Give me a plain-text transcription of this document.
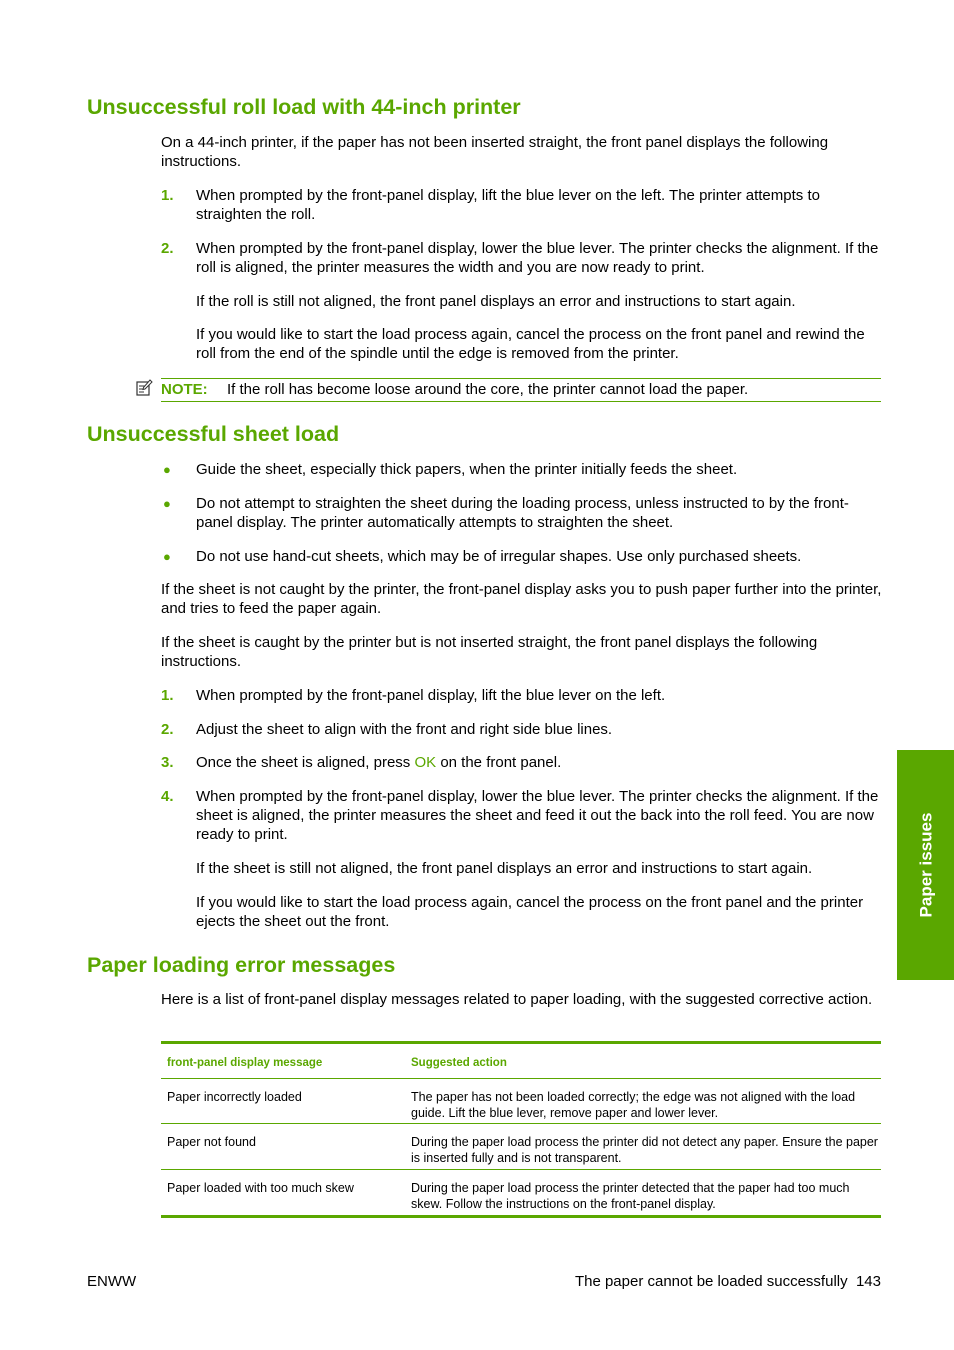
Unsuccessful roll load with 44-inch printer

On a 44-inch printer, if the paper has not been inserted straight, the front panel displays the following instructions.

1. When prompted by the front-panel display, lift the blue lever on the left. The printer attempts to straighten the roll.
2. When prompted by the front-panel display, lower the blue lever. The printer checks the alignment. If the roll is aligned, the printer measures the width and you are now ready to print.

If the roll is still not aligned, the front panel displays an error and instructions to start again.

If you would like to start the load process again, cancel the process on the front panel and rewind the roll from the end of the spindle until the edge is removed from the printer.

NOTE: If the roll has become loose around the core, the printer cannot load the paper.
Unsuccessful sheet load
● Guide the sheet, especially thick papers, when the printer initially feeds the sheet.
● Do not attempt to straighten the sheet during the loading process, unless instructed to by the front-panel display. The printer automatically attempts to straighten the sheet.
● Do not use hand-cut sheets, which may be of irregular shapes. Use only purchased sheets.

If the sheet is not caught by the printer, the front-panel display asks you to push paper further into the printer, and tries to feed the paper again.

If the sheet is caught by the printer but is not inserted straight, the front panel displays the following instructions.

1. When prompted by the front-panel display, lift the blue lever on the left.
2. Adjust the sheet to align with the front and right side blue lines.
3. Once the sheet is aligned, press OK on the front panel.
4. When prompted by the front-panel display, lower the blue lever. The printer checks the alignment. If the sheet is aligned, the printer measures the sheet and feed it out the back into the roll feed. You are now ready to print.

If the sheet is still not aligned, the front panel displays an error and instructions to start again.

If you would like to start the load process again, cancel the process on the front panel and the printer ejects the sheet out the front.

Paper loading error messages

Here is a list of front-panel display messages related to paper loading, with the suggested corrective action.

front-panel display message	Suggested action
Paper incorrectly loaded	The paper has not been loaded correctly; the edge was not aligned with the load guide. Lift the blue lever, remove paper and lower lever.
Paper not found	During the paper load process the printer did not detect any paper. Ensure the paper is inserted fully and is not transparent.
Paper loaded with too much skew	During the paper load process the printer detected that the paper had too much skew. Follow the instructions on the front-panel display.
Paper issues
ENWW	The paper cannot be loaded successfully 143
